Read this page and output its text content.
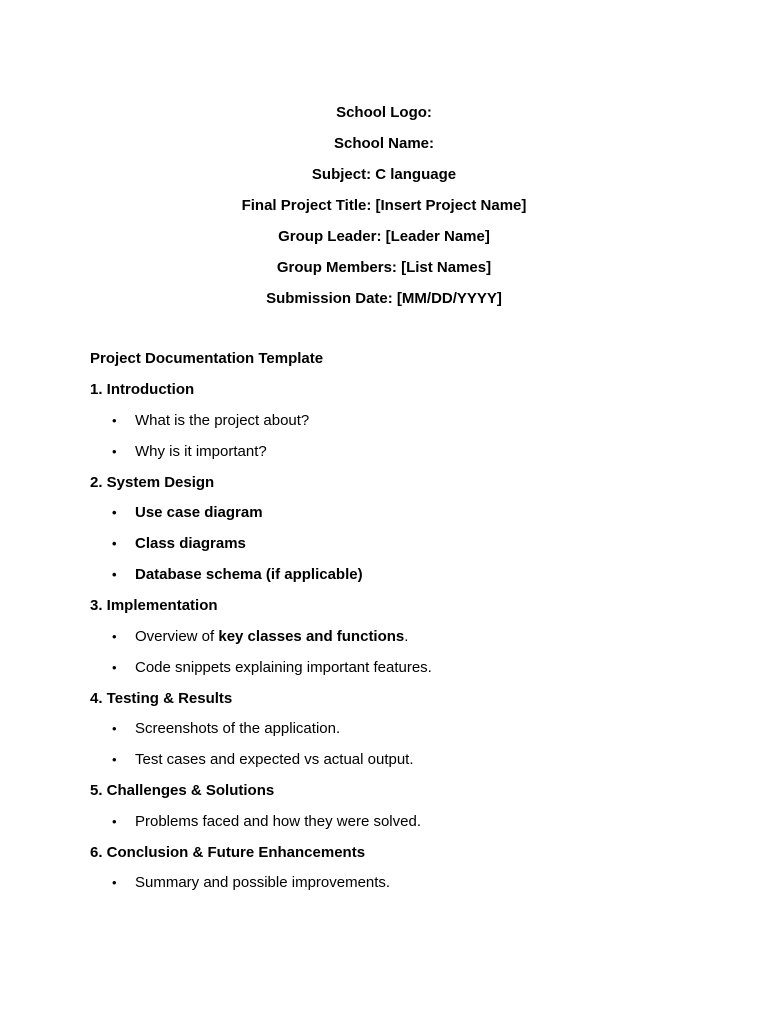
School Logo:
School Name:
Subject: C language
Final Project Title: [Insert Project Name]
Group Leader: [Leader Name]
Group Members: [List Names]
Submission Date: [MM/DD/YYYY]
Project Documentation Template
1. Introduction
• What is the project about?
• Why is it important?
2. System Design
• Use case diagram
• Class diagrams
• Database schema (if applicable)
3. Implementation
• Overview of key classes and functions.
• Code snippets explaining important features.
4. Testing & Results
• Screenshots of the application.
• Test cases and expected vs actual output.
5. Challenges & Solutions
• Problems faced and how they were solved.
6. Conclusion & Future Enhancements
• Summary and possible improvements.
